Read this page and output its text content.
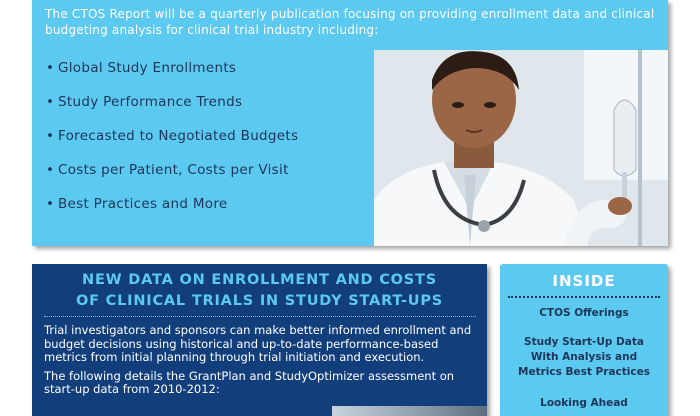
The CTOS Report will be a quarterly publication focusing on providing enrollment data and clinical budgeting analysis for clinical trial industry including:
• Global Study Enrollments
• Study Performance Trends
• Forecasted to Negotiated Budgets
• Costs per Patient, Costs per Visit
• Best Practices and More
NEW DATA ON ENROLLMENT AND COSTS
OF CLINICAL TRIALS IN STUDY START-UPS

Trial investigators and sponsors can make better informed enrollment and budget decisions using historical and up-to-date performance-based metrics from initial planning through trial initiation and execution.

The following details the GrantPlan and StudyOptimizer assessment on start-up data from 2010-2012:

INSIDE
CTOS Offerings
Study Start-Up Data With Analysis and Metrics Best Practices
Looking Ahead
